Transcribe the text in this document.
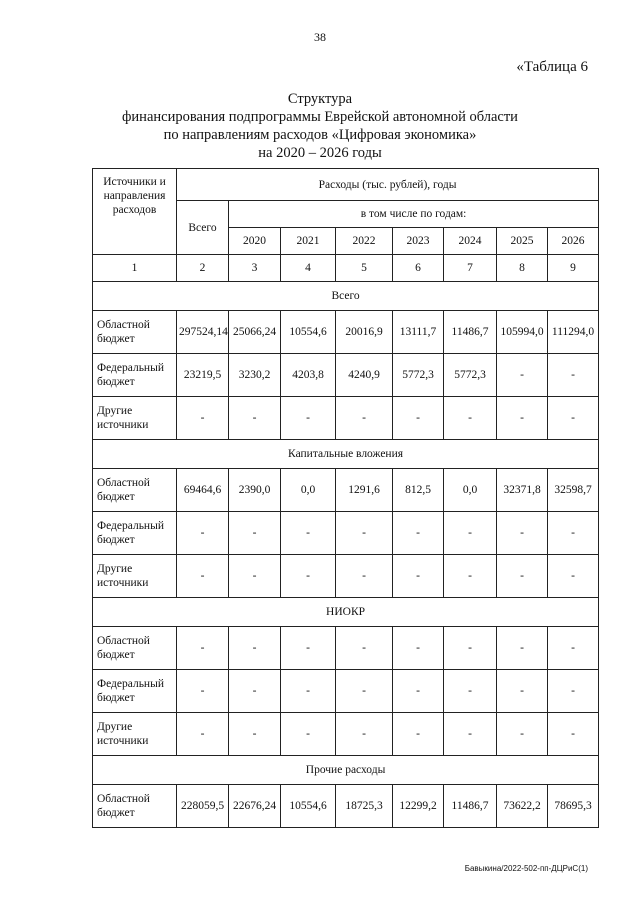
38
«Таблица 6
Структура
финансирования подпрограммы Еврейской автономной области
по направлениям расходов «Цифровая экономика»
на 2020 – 2026 годы
Источники и направления расходов	Расходы (тыс. рублей), годы							
	Всего	в том числе по годам:						
		2020	2021	2022	2023	2024	2025	2026
1	2	3	4	5	6	7	8	9
Всего								
Областной бюджет	297524,14	25066,24	10554,6	20016,9	13111,7	11486,7	105994,0	111294,0
Федеральный бюджет	23219,5	3230,2	4203,8	4240,9	5772,3	5772,3	-	-
Другие источники	-	-	-	-	-	-	-	-
Капитальные вложения								
Областной бюджет	69464,6	2390,0	0,0	1291,6	812,5	0,0	32371,8	32598,7
Федеральный бюджет	-	-	-	-	-	-	-	-
Другие источники	-	-	-	-	-	-	-	-
НИОКР								
Областной бюджет	-	-	-	-	-	-	-	-
Федеральный бюджет	-	-	-	-	-	-	-	-
Другие источники	-	-	-	-	-	-	-	-
Прочие расходы								
Областной бюджет	228059,5	22676,24	10554,6	18725,3	12299,2	11486,7	73622,2	78695,3
Бавыкина/2022-502-пп-ДЦРиС(1)
